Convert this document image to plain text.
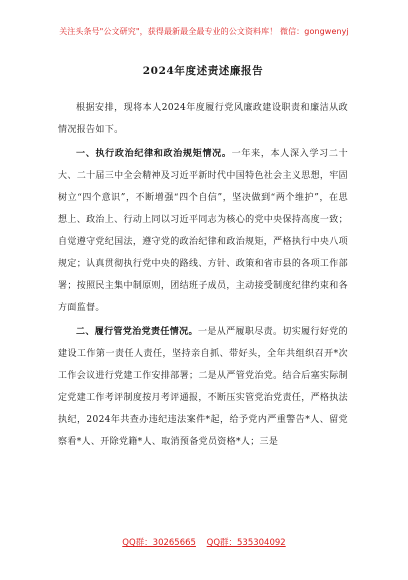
关注头条号"公文研究"，获得最新最全最专业的公文资料库！ 微信：gongwenyj
2024年度述责述廉报告

根据安排，现将本人2024年度履行党风廉政建设职责和廉洁从政情况报告如下。

一、执行政治纪律和政治规矩情况。一年来，本人深入学习二十大、二十届三中全会精神及习近平新时代中国特色社会主义思想，牢固树立“四个意识”，不断增强“四个自信”，坚决做到“两个维护”，在思想上、政治上、行动上同以习近平同志为核心的党中央保持高度一致；自觉遵守党纪国法，遵守党的政治纪律和政治规矩，严格执行中央八项规定；认真贯彻执行党中央的路线、方针、政策和省市县的各项工作部署；按照民主集中制原则，团结班子成员，主动接受制度纪律约束和各方面监督。

二、履行管党治党责任情况。一是从严履职尽责。切实履行好党的建设工作第一责任人责任，坚持亲自抓、带好头，全年共组织召开*次工作会议进行党建工作安排部署；二是从严管党治党。结合后塞实际制定党建工作考评制度按月考评通报，不断压实管党治党责任，严格执法执纪，2024年共查办违纪违法案件*起，给予党内严重警告*人、留党察看*人、开除党籍*人、取消预备党员资格*人；三是

QQ群：30265665 QQ群：535304092
